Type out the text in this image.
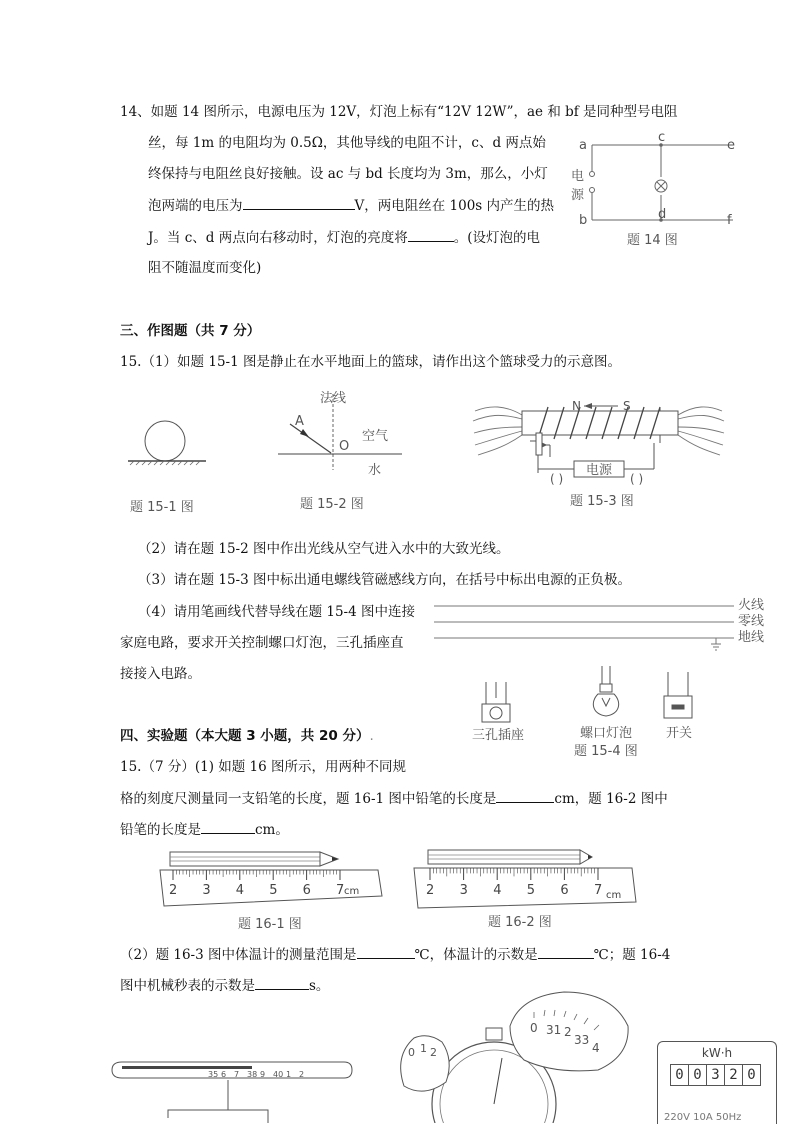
14、如题 14 图所示，电源电压为 12V，灯泡上标有“12V 12W”，ae 和 bf 是同种型号电阻
丝，每 1m 的电阻均为 0.5Ω，其他导线的电阻不计，c、d 两点始
终保持与电阻丝良好接触。设 ac 与 bd 长度均为 3m，那么，小灯
泡两端的电压为	V，两电阻丝在 100s 内产生的热
J。当 c、d 两点向右移动时，灯泡的亮度将	。(设灯泡的电
阻不随温度而变化)
a
b
c
d
e
f
电
源
题 14 图
三、作图题（共 7 分）
15.（1）如题 15-1 图是静止在水平地面上的篮球，请作出这个篮球受力的示意图。
题 15-1 图
法线
A
O
空气
水
题 15-2 图
N	S
电源
( )	( )
题 15-3 图
（2）请在题 15-2 图中作出光线从空气进入水中的大致光线。
（3）请在题 15-3 图中标出通电螺线管磁感线方向，在括号中标出电源的正负极。
（4）请用笔画线代替导线在题 15-4 图中连接
家庭电路，要求开关控制螺口灯泡，三孔插座直
接接入电路。
火线
零线
地线
三孔插座	螺口灯泡	开关
题 15-4 图
四、实验题（本大题 3 小题，共 20 分）.
15.（7 分）(1) 如题 16 图所示，用两种不同规
格的刻度尺测量同一支铅笔的长度，题 16-1 图中铅笔的长度是	cm，题 16-2 图中
铅笔的长度是	cm。
2 3 4 5 6 7 cm
题 16-1 图
2 3 4 5 6 7 cm
题 16-2 图
（2）题 16-3 图中体温计的测量范围是	℃，体温计的示数是	℃；题 16-4
图中机械秒表的示数是	s。
35 6 7 38 9 40 1 2
0 1 2
0 31 2
33
4	kW·h
0 0 3 2 0
220V 10A 50Hz
